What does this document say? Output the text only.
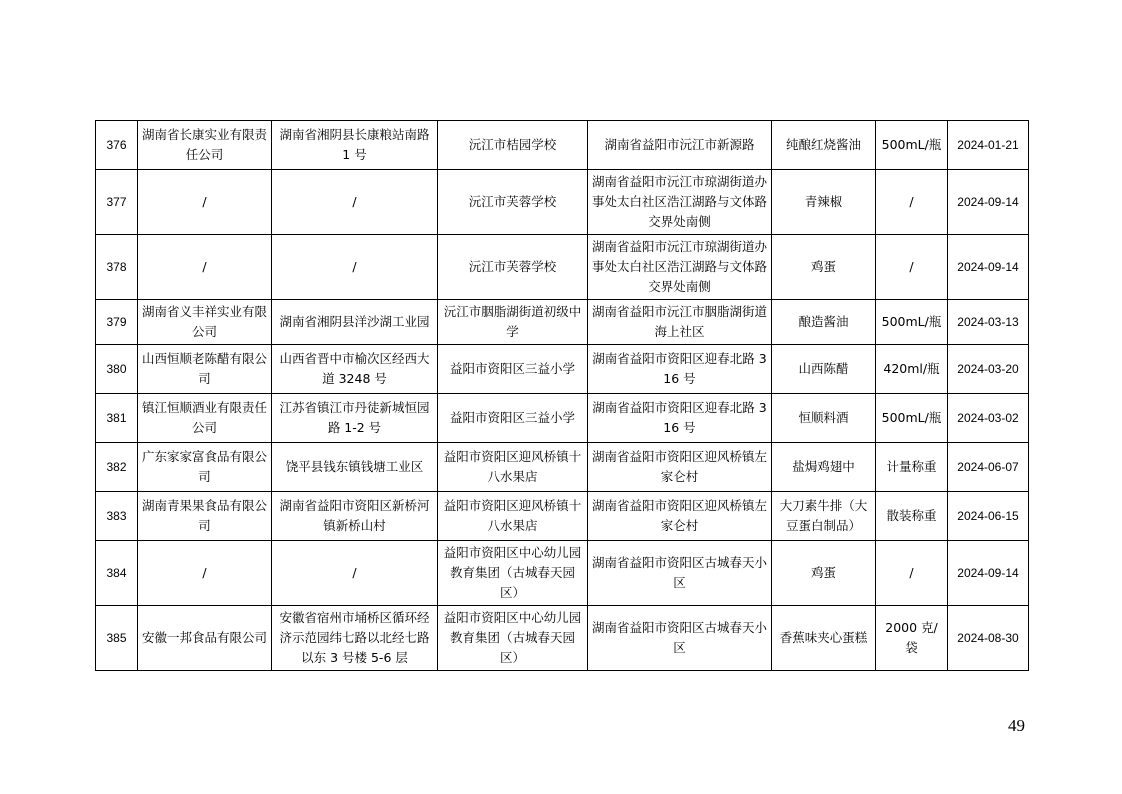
376	湖南省长康实业有限责任公司	湖南省湘阴县长康粮站南路 1 号	沅江市桔园学校	湖南省益阳市沅江市新源路	纯酿红烧酱油	500mL/瓶	2024-01-21
377	/	/	沅江市芙蓉学校	湖南省益阳市沅江市琼湖街道办事处太白社区浩江湖路与文体路交界处南侧	青辣椒	/	2024-09-14
378	/	/	沅江市芙蓉学校	湖南省益阳市沅江市琼湖街道办事处太白社区浩江湖路与文体路交界处南侧	鸡蛋	/	2024-09-14
379	湖南省义丰祥实业有限公司	湖南省湘阴县洋沙湖工业园	沅江市胭脂湖街道初级中学	湖南省益阳市沅江市胭脂湖街道海上社区	酿造酱油	500mL/瓶	2024-03-13
380	山西恒顺老陈醋有限公司	山西省晋中市榆次区经西大道 3248 号	益阳市资阳区三益小学	湖南省益阳市资阳区迎春北路 316 号	山西陈醋	420ml/瓶	2024-03-20
381	镇江恒顺酒业有限责任公司	江苏省镇江市丹徒新城恒园路 1-2 号	益阳市资阳区三益小学	湖南省益阳市资阳区迎春北路 316 号	恒顺料酒	500mL/瓶	2024-03-02
382	广东家家富食品有限公司	饶平县钱东镇钱塘工业区	益阳市资阳区迎风桥镇十八水果店	湖南省益阳市资阳区迎风桥镇左家仑村	盐焗鸡翅中	计量称重	2024-06-07
383	湖南青果果食品有限公司	湖南省益阳市资阳区新桥河镇新桥山村	益阳市资阳区迎风桥镇十八水果店	湖南省益阳市资阳区迎风桥镇左家仑村	大刀素牛排（大豆蛋白制品）	散装称重	2024-06-15
384	/	/	益阳市资阳区中心幼儿园教育集团（古城春天园区）	湖南省益阳市资阳区古城春天小区	鸡蛋	/	2024-09-14
385	安徽一邦食品有限公司	安徽省宿州市埇桥区循环经济示范园纬七路以北经七路以东 3 号楼 5-6 层	益阳市资阳区中心幼儿园教育集团（古城春天园区）	湖南省益阳市资阳区古城春天小区	香蕉味夹心蛋糕	2000 克/袋	2024-08-30
49
